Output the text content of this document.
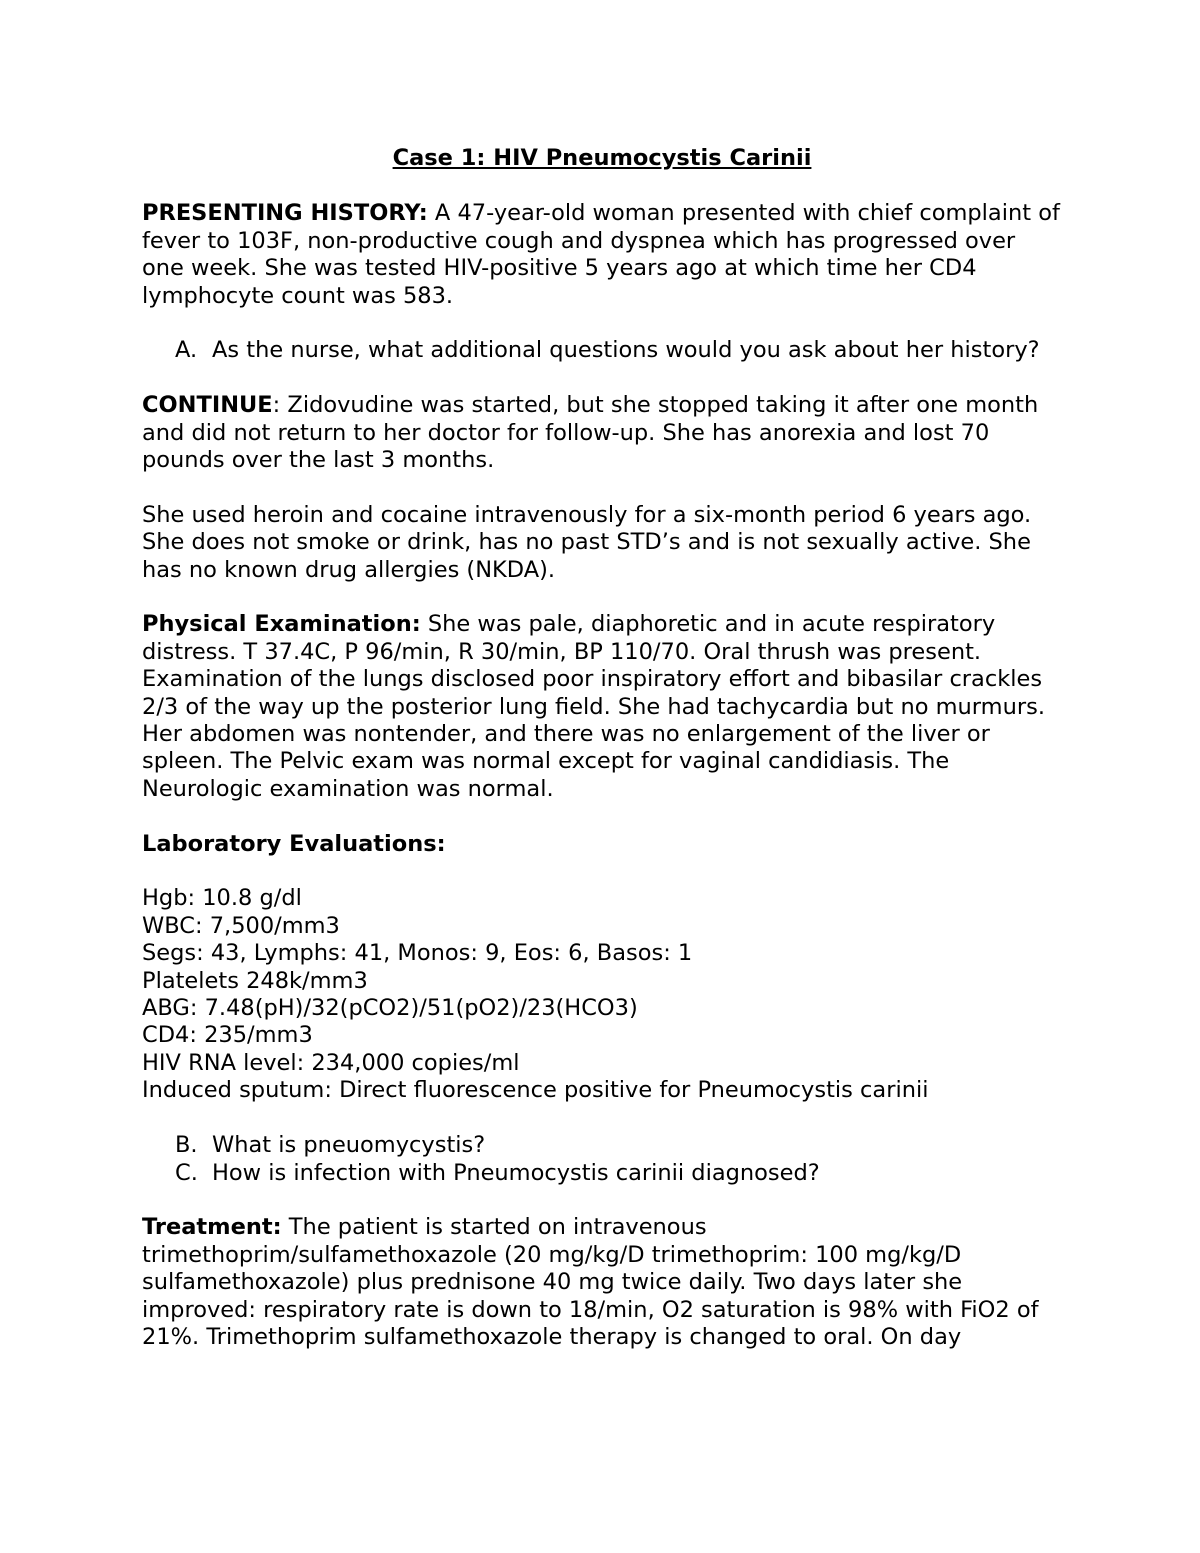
Case 1: HIV Pneumocystis Carinii

PRESENTING HISTORY: A 47-year-old woman presented with chief complaint of fever to 103F, non-productive cough and dyspnea which has progressed over one week. She was tested HIV-positive 5 years ago at which time her CD4 lymphocyte count was 583.

A. As the nurse, what additional questions would you ask about her history?

CONTINUE: Zidovudine was started, but she stopped taking it after one month and did not return to her doctor for follow-up. She has anorexia and lost 70 pounds over the last 3 months.

She used heroin and cocaine intravenously for a six-month period 6 years ago. She does not smoke or drink, has no past STD’s and is not sexually active. She has no known drug allergies (NKDA).

Physical Examination: She was pale, diaphoretic and in acute respiratory distress. T 37.4C, P 96/min, R 30/min, BP 110/70. Oral thrush was present. Examination of the lungs disclosed poor inspiratory effort and bibasilar crackles 2/3 of the way up the posterior lung field. She had tachycardia but no murmurs. Her abdomen was nontender, and there was no enlargement of the liver or spleen. The Pelvic exam was normal except for vaginal candidiasis. The Neurologic examination was normal.

Laboratory Evaluations:

Hgb: 10.8 g/dl

WBC: 7,500/mm3

Segs: 43, Lymphs: 41, Monos: 9, Eos: 6, Basos: 1

Platelets 248k/mm3

ABG: 7.48(pH)/32(pCO2)/51(pO2)/23(HCO3)

CD4: 235/mm3

HIV RNA level: 234,000 copies/ml

Induced sputum: Direct fluorescence positive for Pneumocystis carinii

B. What is pneuomycystis?
C. How is infection with Pneumocystis carinii diagnosed?

Treatment: The patient is started on intravenous trimethoprim/sulfamethoxazole (20 mg/kg/D trimethoprim: 100 mg/kg/D sulfamethoxazole) plus prednisone 40 mg twice daily. Two days later she improved: respiratory rate is down to 18/min, O2 saturation is 98% with FiO2 of 21%. Trimethoprim sulfamethoxazole therapy is changed to oral. On day
